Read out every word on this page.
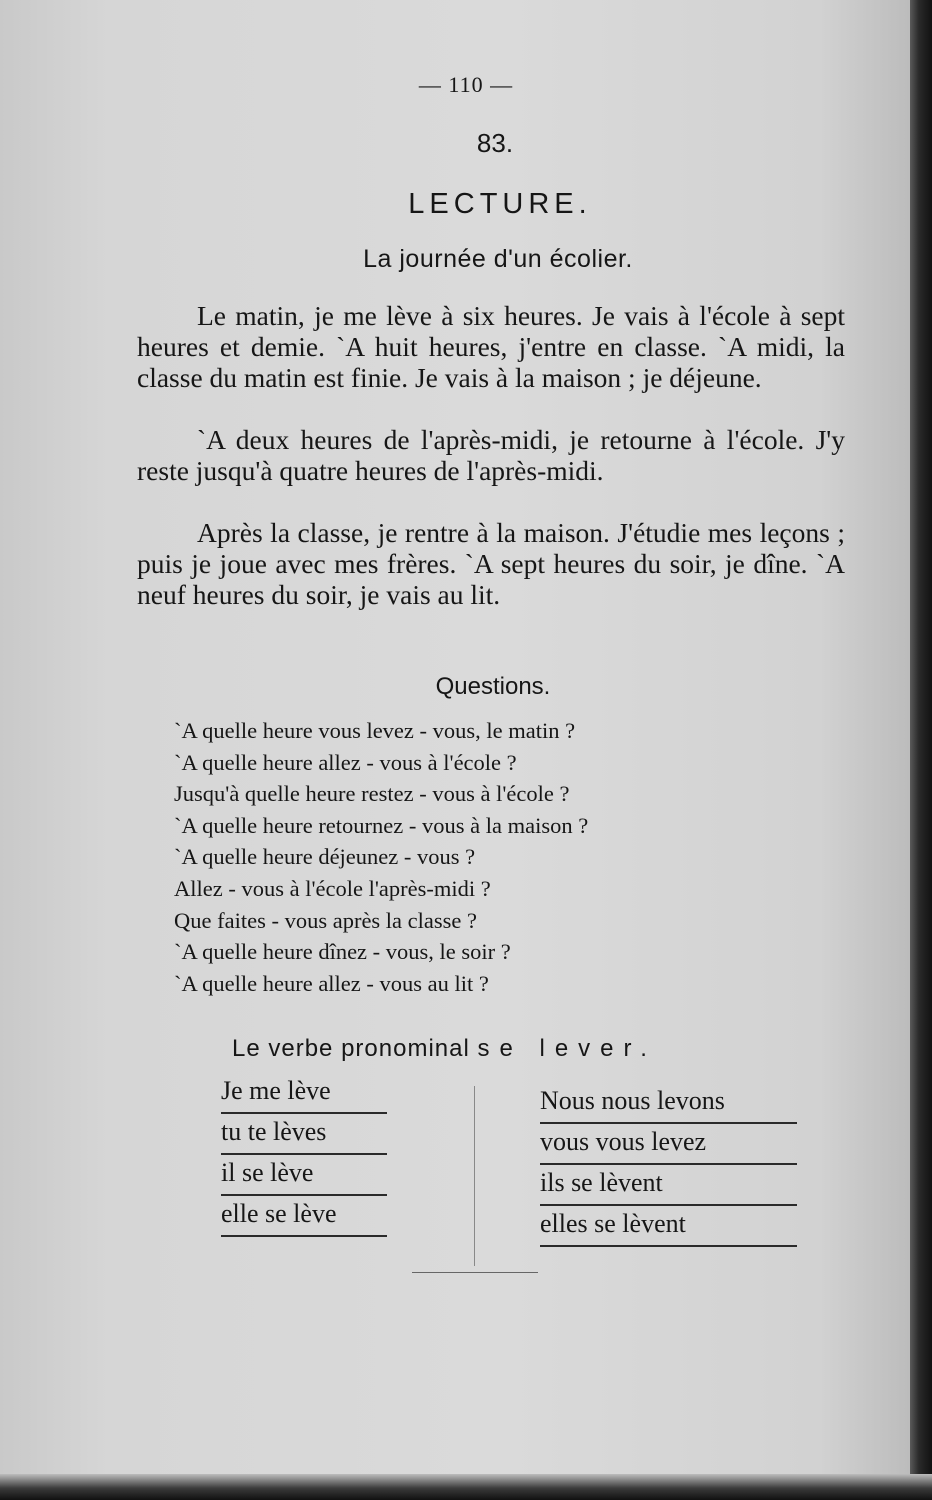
— 110 —
83.
LECTURE.
La journée d'un écolier.

Le matin, je me lève à six heures. Je vais à l'école à sept heures et demie. `A huit heures, j'entre en classe. `A midi, la classe du matin est finie. Je vais à la maison ; je déjeune.

`A deux heures de l'après-midi, je retourne à l'école. J'y reste jusqu'à quatre heures de l'après-midi.

Après la classe, je rentre à la maison. J'étudie mes leçons ; puis je joue avec mes frères. `A sept heures du soir, je dîne. `A neuf heures du soir, je vais au lit.

Questions.
`A quelle heure vous levez - vous, le matin ?
`A quelle heure allez - vous à l'école ?
Jusqu'à quelle heure restez - vous à l'école ?
`A quelle heure retournez - vous à la maison ?
`A quelle heure déjeunez - vous ?
Allez - vous à l'école l'après-midi ?
Que faites - vous après la classe ?
`A quelle heure dînez - vous, le soir ?
`A quelle heure allez - vous au lit ?
Le verbe pronominal se lever.
Je me lève
tu te lèves
il se lève
elle se lève
Nous nous levons
vous vous levez
ils se lèvent
elles se lèvent
